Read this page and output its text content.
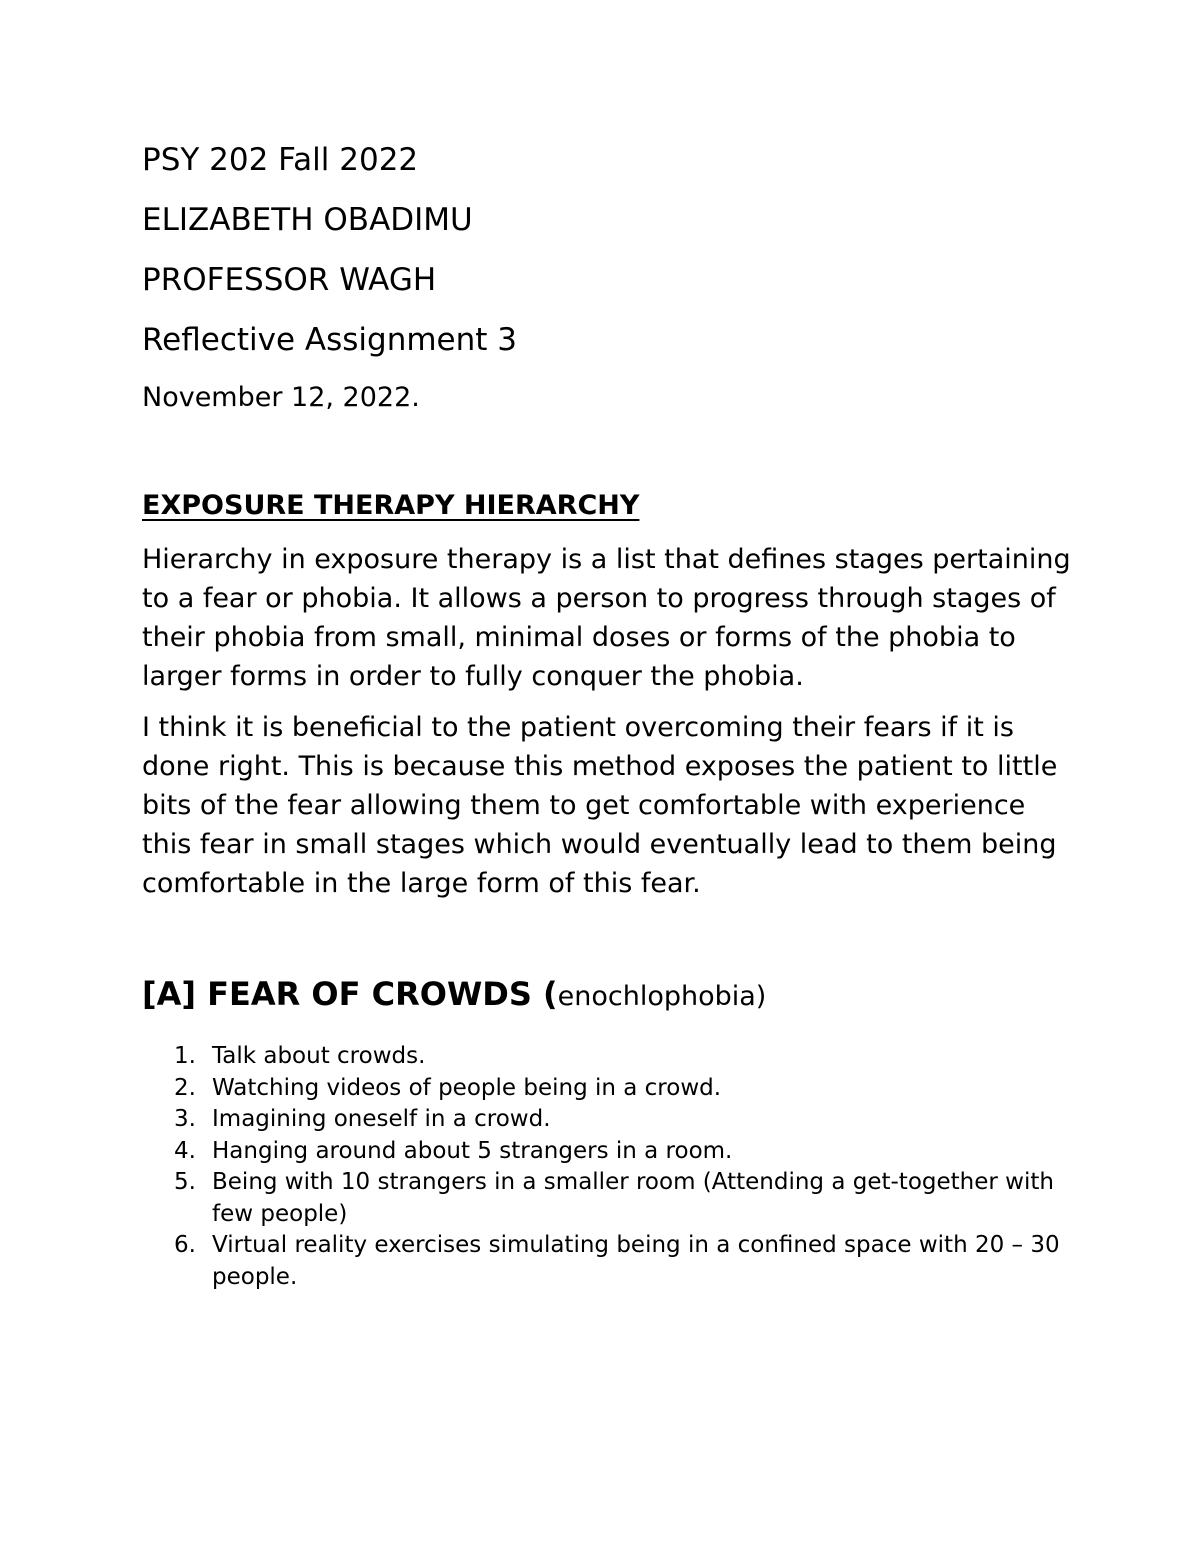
PSY 202 Fall 2022
ELIZABETH OBADIMU
PROFESSOR WAGH
Reflective Assignment 3
November 12, 2022.
EXPOSURE THERAPY HIERARCHY

Hierarchy in exposure therapy is a list that defines stages pertaining to a fear or phobia. It allows a person to progress through stages of their phobia from small, minimal doses or forms of the phobia to larger forms in order to fully conquer the phobia.

I think it is beneficial to the patient overcoming their fears if it is done right. This is because this method exposes the patient to little bits of the fear allowing them to get comfortable with experience this fear in small stages which would eventually lead to them being comfortable in the large form of this fear.

[A] FEAR OF CROWDS (enochlophobia)
1. Talk about crowds.
2. Watching videos of people being in a crowd.
3. Imagining oneself in a crowd.
4. Hanging around about 5 strangers in a room.
5. Being with 10 strangers in a smaller room (Attending a get-together with few people)
6. Virtual reality exercises simulating being in a confined space with 20 – 30 people.
